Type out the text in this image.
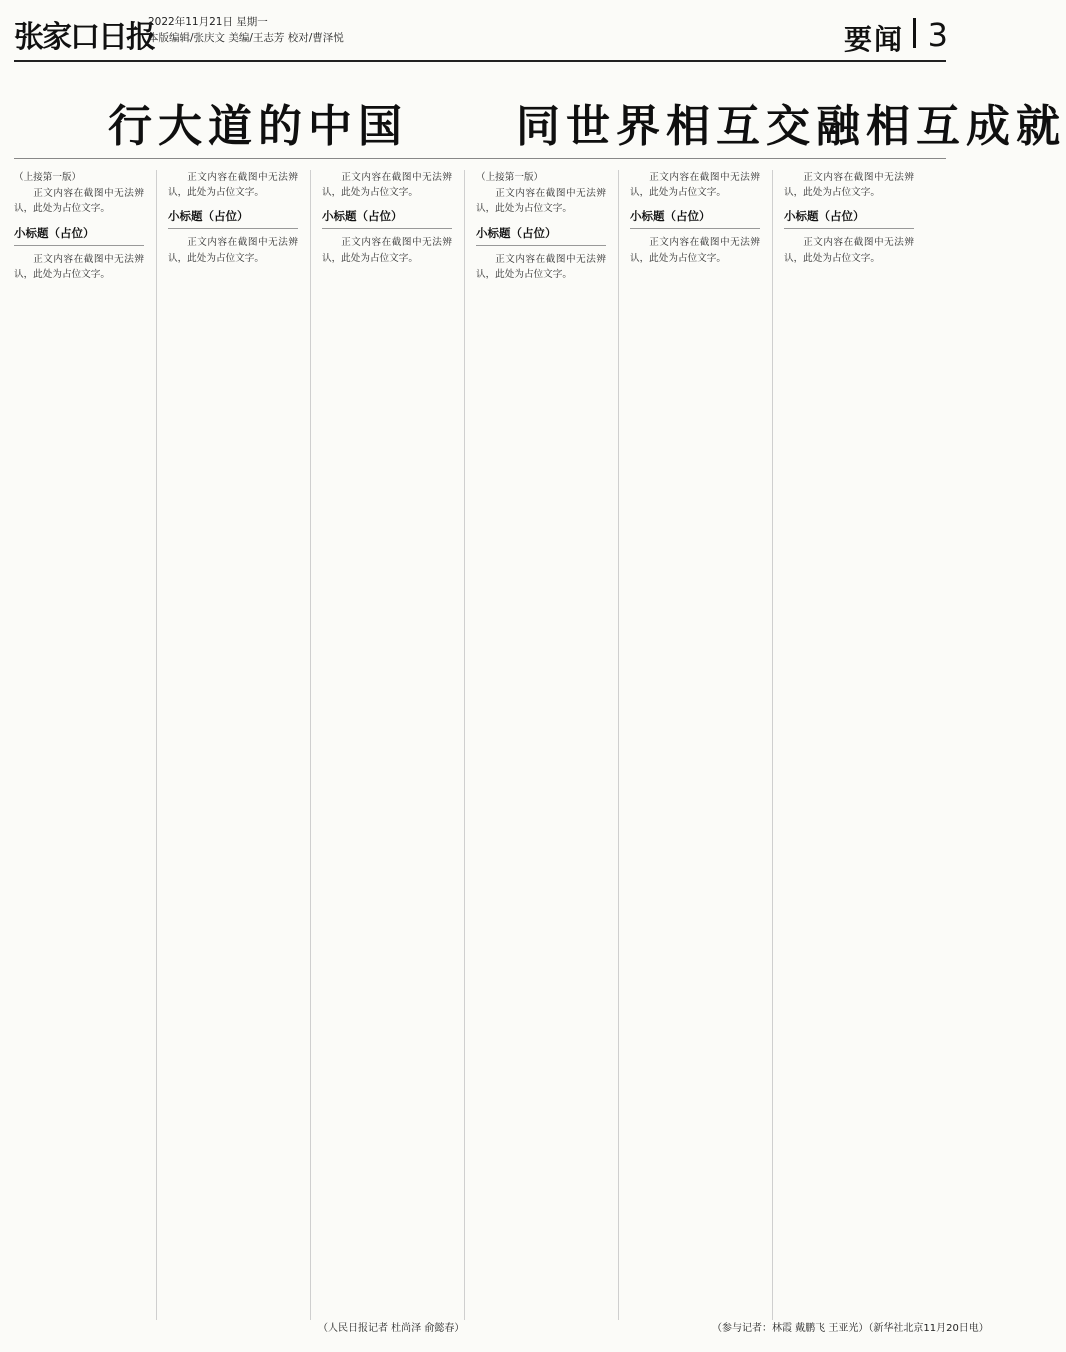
张家口日报
2022年11月21日 星期一
本版编辑/张庆文 美编/王志芳 校对/曹泽悦	要闻 3
行大道的中国 同世界相互交融相互成就

（上接第一版）

正文内容在截图中无法辨认，此处为占位文字。

小标题（占位）

正文内容在截图中无法辨认，此处为占位文字。

正文内容在截图中无法辨认，此处为占位文字。

小标题（占位）

正文内容在截图中无法辨认，此处为占位文字。

正文内容在截图中无法辨认，此处为占位文字。

小标题（占位）

正文内容在截图中无法辨认，此处为占位文字。

（上接第一版）

正文内容在截图中无法辨认，此处为占位文字。

小标题（占位）

正文内容在截图中无法辨认，此处为占位文字。

正文内容在截图中无法辨认，此处为占位文字。

小标题（占位）

正文内容在截图中无法辨认，此处为占位文字。

正文内容在截图中无法辨认，此处为占位文字。

小标题（占位）

正文内容在截图中无法辨认，此处为占位文字。

（人民日报记者 杜尚泽 俞懿春）	（参与记者：林霞 戴鹏飞 王亚光）（新华社北京11月20日电）
